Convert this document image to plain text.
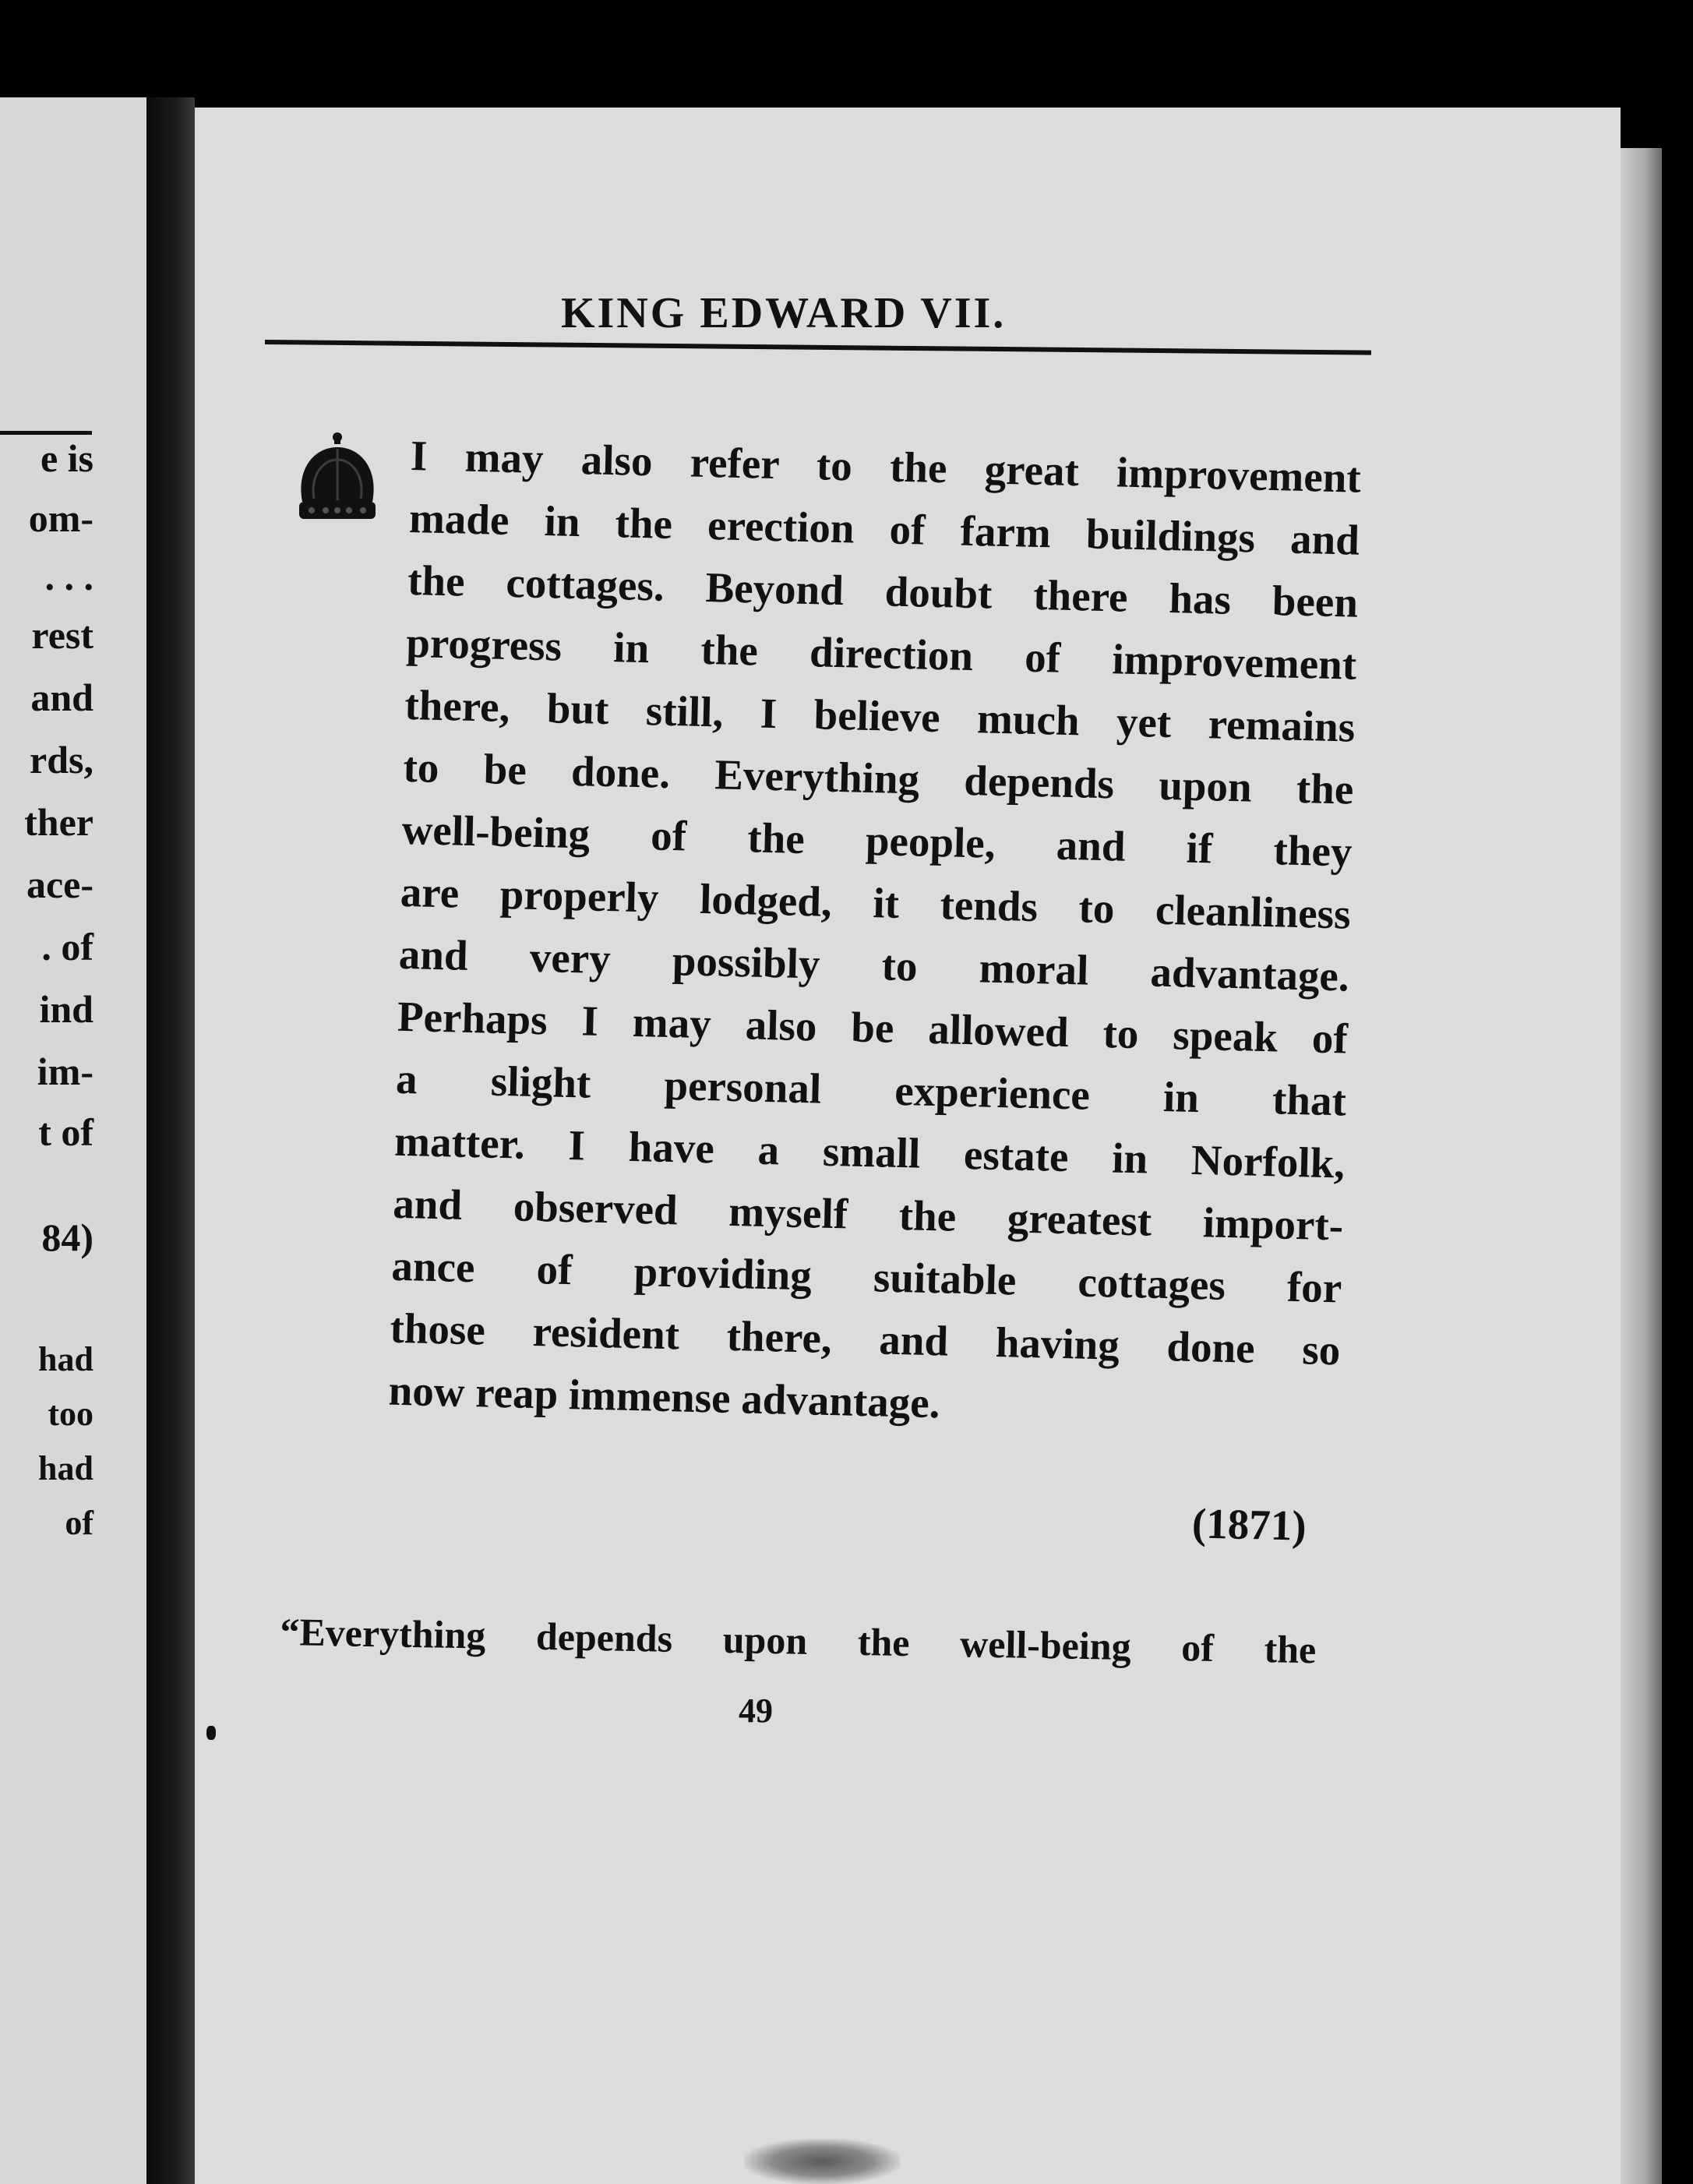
e is
om-
. . .
rest
and
rds,
ther
ace-
. of
ind
im-
t of
84)
had
too
had
of
KING EDWARD VII.
I may also refer to the great improvement
made in the erection of farm buildings and
the cottages. Beyond doubt there has been
progress in the direction of improvement
there, but still, I believe much yet remains
to be done. Everything depends upon the
well-being of the people, and if they
are properly lodged, it tends to cleanliness
and very possibly to moral advantage.
Perhaps I may also be allowed to speak of
a slight personal experience in that
matter. I have a small estate in Norfolk,
and observed myself the greatest import-
ance of providing suitable cottages for
those resident there, and having done so
now reap immense advantage.
(1871)
“Everything depends upon the well-being of the
49
